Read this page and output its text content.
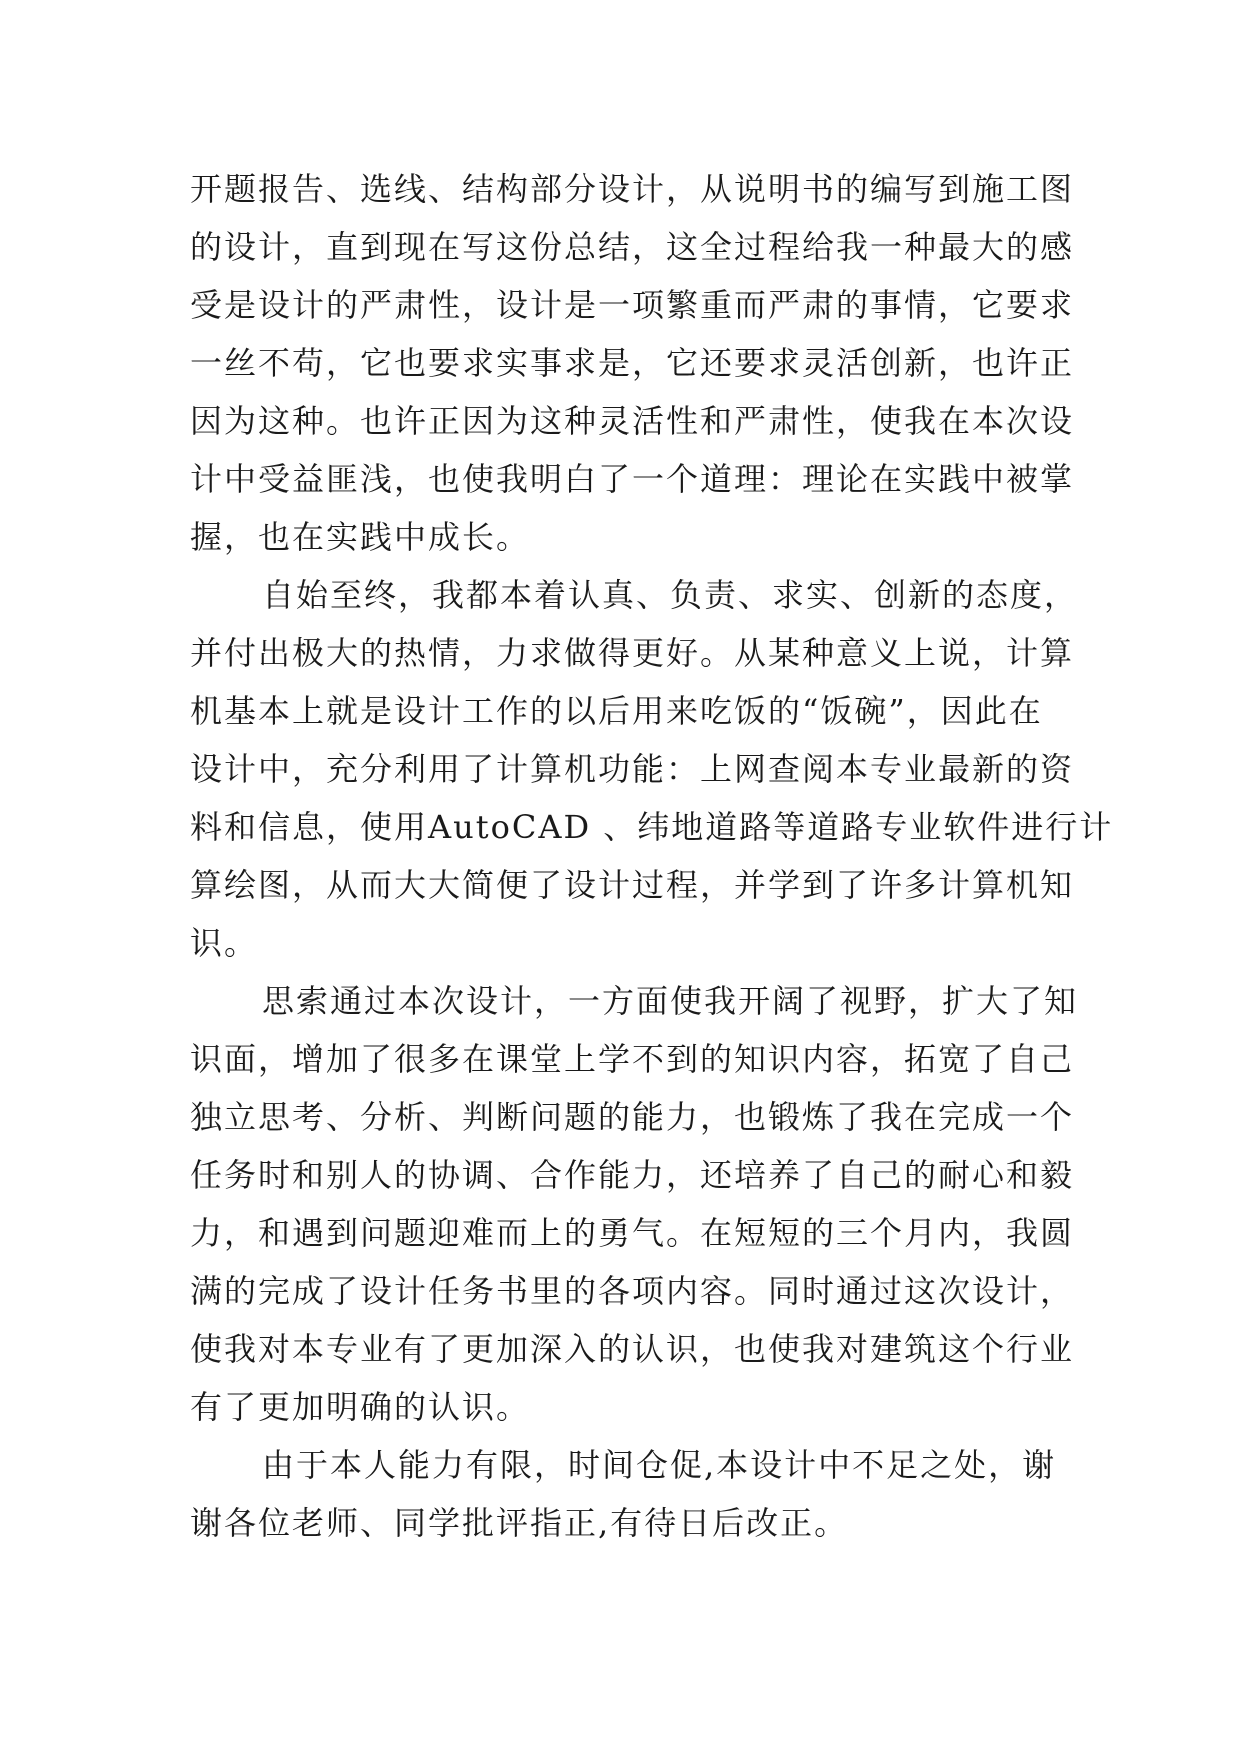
开题报告、选线、结构部分设计，从说明书的编写到施工图
的设计，直到现在写这份总结，这全过程给我一种最大的感
受是设计的严肃性，设计是一项繁重而严肃的事情，它要求
一丝不苟，它也要求实事求是，它还要求灵活创新，也许正
因为这种。也许正因为这种灵活性和严肃性，使我在本次设
计中受益匪浅，也使我明白了一个道理：理论在实践中被掌
握，也在实践中成长。

自始至终，我都本着认真、负责、求实、创新的态度，
并付出极大的热情，力求做得更好。从某种意义上说，计算
机基本上就是设计工作的以后用来吃饭的“饭碗”，因此在
设计中，充分利用了计算机功能：上网查阅本专业最新的资
料和信息，使用AutoCAD 、纬地道路等道路专业软件进行计
算绘图，从而大大简便了设计过程，并学到了许多计算机知
识。

思索通过本次设计，一方面使我开阔了视野，扩大了知
识面，增加了很多在课堂上学不到的知识内容，拓宽了自己
独立思考、分析、判断问题的能力，也锻炼了我在完成一个
任务时和别人的协调、合作能力，还培养了自己的耐心和毅
力，和遇到问题迎难而上的勇气。在短短的三个月内，我圆
满的完成了设计任务书里的各项内容。同时通过这次设计，
使我对本专业有了更加深入的认识，也使我对建筑这个行业
有了更加明确的认识。

由于本人能力有限，时间仓促,本设计中不足之处，谢
谢各位老师、同学批评指正,有待日后改正。
